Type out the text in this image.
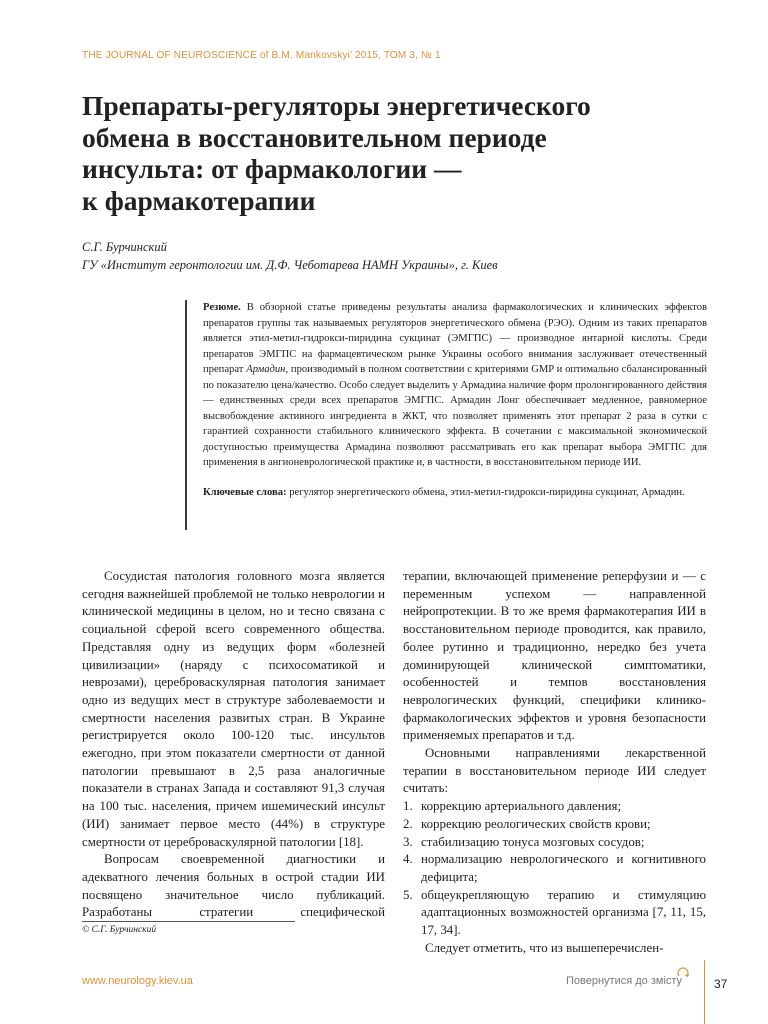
THE JOURNAL OF NEUROSCIENCE of B.M. Mankovskyi’ 2015, ТОМ 3, № 1
Препараты-регуляторы энергетического
обмена в восстановительном периоде
инсульта: от фармакологии —
к фармакотерапии
С.Г. Бурчинский
ГУ «Институт геронтологии им. Д.Ф. Чеботарева НАМН Украины», г. Киев

Резюме. В обзорной статье приведены результаты анализа фармакологических и клинических эффектов препаратов группы так называемых регуляторов энергетического обмена (РЭО). Одним из таких препаратов является этил-метил-гидрокси-пиридина сукцинат (ЭМГПС) — производное янтарной кислоты. Среди препаратов ЭМГПС на фармацевтическом рынке Украины особого внимания заслуживает отечественный препарат Армадин, производимый в полном соответствии с критериями GMP и оптимально сбалансированный по показателю цена/качество. Особо следует выделить у Армадина наличие форм пролонгированного действия — единственных среди всех препаратов ЭМГПС. Армадин Лонг обеспечивает медленное, равномерное высвобождение активного ингредиента в ЖКТ, что позволяет применять этот препарат 2 раза в сутки с гарантией сохранности стабильного клинического эффекта. В сочетании с максимальной экономической доступностью преимущества Армадина позволяют рассматривать его как препарат выбора ЭМГПС для применения в ангионеврологической практике и, в частности, в восстановительном периоде ИИ.

Ключевые слова: регулятор энергетического обмена, этил-метил-гидрокси-пиридина сукцинат, Армадин.

Сосудистая патология головного мозга является сегодня важнейшей проблемой не только неврологии и клинической медицины в целом, но и тесно связана с социальной сферой всего современного общества. Представляя одну из ведущих форм «болезней цивилизации» (наряду с психосоматикой и неврозами), цереброваскулярная патология занимает одно из ведущих мест в структуре заболеваемости и смертности населения развитых стран. В Украине регистрируется около 100-120 тыс. инсультов ежегодно, при этом показатели смертности от данной патологии превышают в 2,5 раза аналогичные показатели в странах Запада и составляют 91,3 случая на 100 тыс. населения, причем ишемический инсульт (ИИ) занимает первое место (44%) в структуре смертности от цереброваскулярной патологии [18].

Вопросам своевременной диагностики и адекватного лечения больных в острой стадии ИИ посвящено значительное число публикаций. Разработаны стратегии специфической

терапии, включающей применение реперфузии и — с переменным успехом — направленной нейропротекции. В то же время фармакотерапия ИИ в восстановительном периоде проводится, как правило, более рутинно и традиционно, нередко без учета доминирующей клинической симптоматики, особенностей и темпов восстановления неврологических функций, специфики клинико-фармакологических эффектов и уровня безопасности применяемых препаратов и т.д.

Основными направлениями лекарственной терапии в восстановительном периоде ИИ следует считать:

1. коррекцию артериального давления;
2. коррекцию реологических свойств крови;
3. стабилизацию тонуса мозговых сосудов;
4. нормализацию неврологического и когнитивного дефицита;
5. общеукрепляющую терапию и стимуляцию адаптационных возможностей организма [7, 11, 15, 17, 34].

Следует отметить, что из вышеперечислен-

© С.Г. Бурчинский
www.neurology.kiev.ua	Повернутися до змісту	37
